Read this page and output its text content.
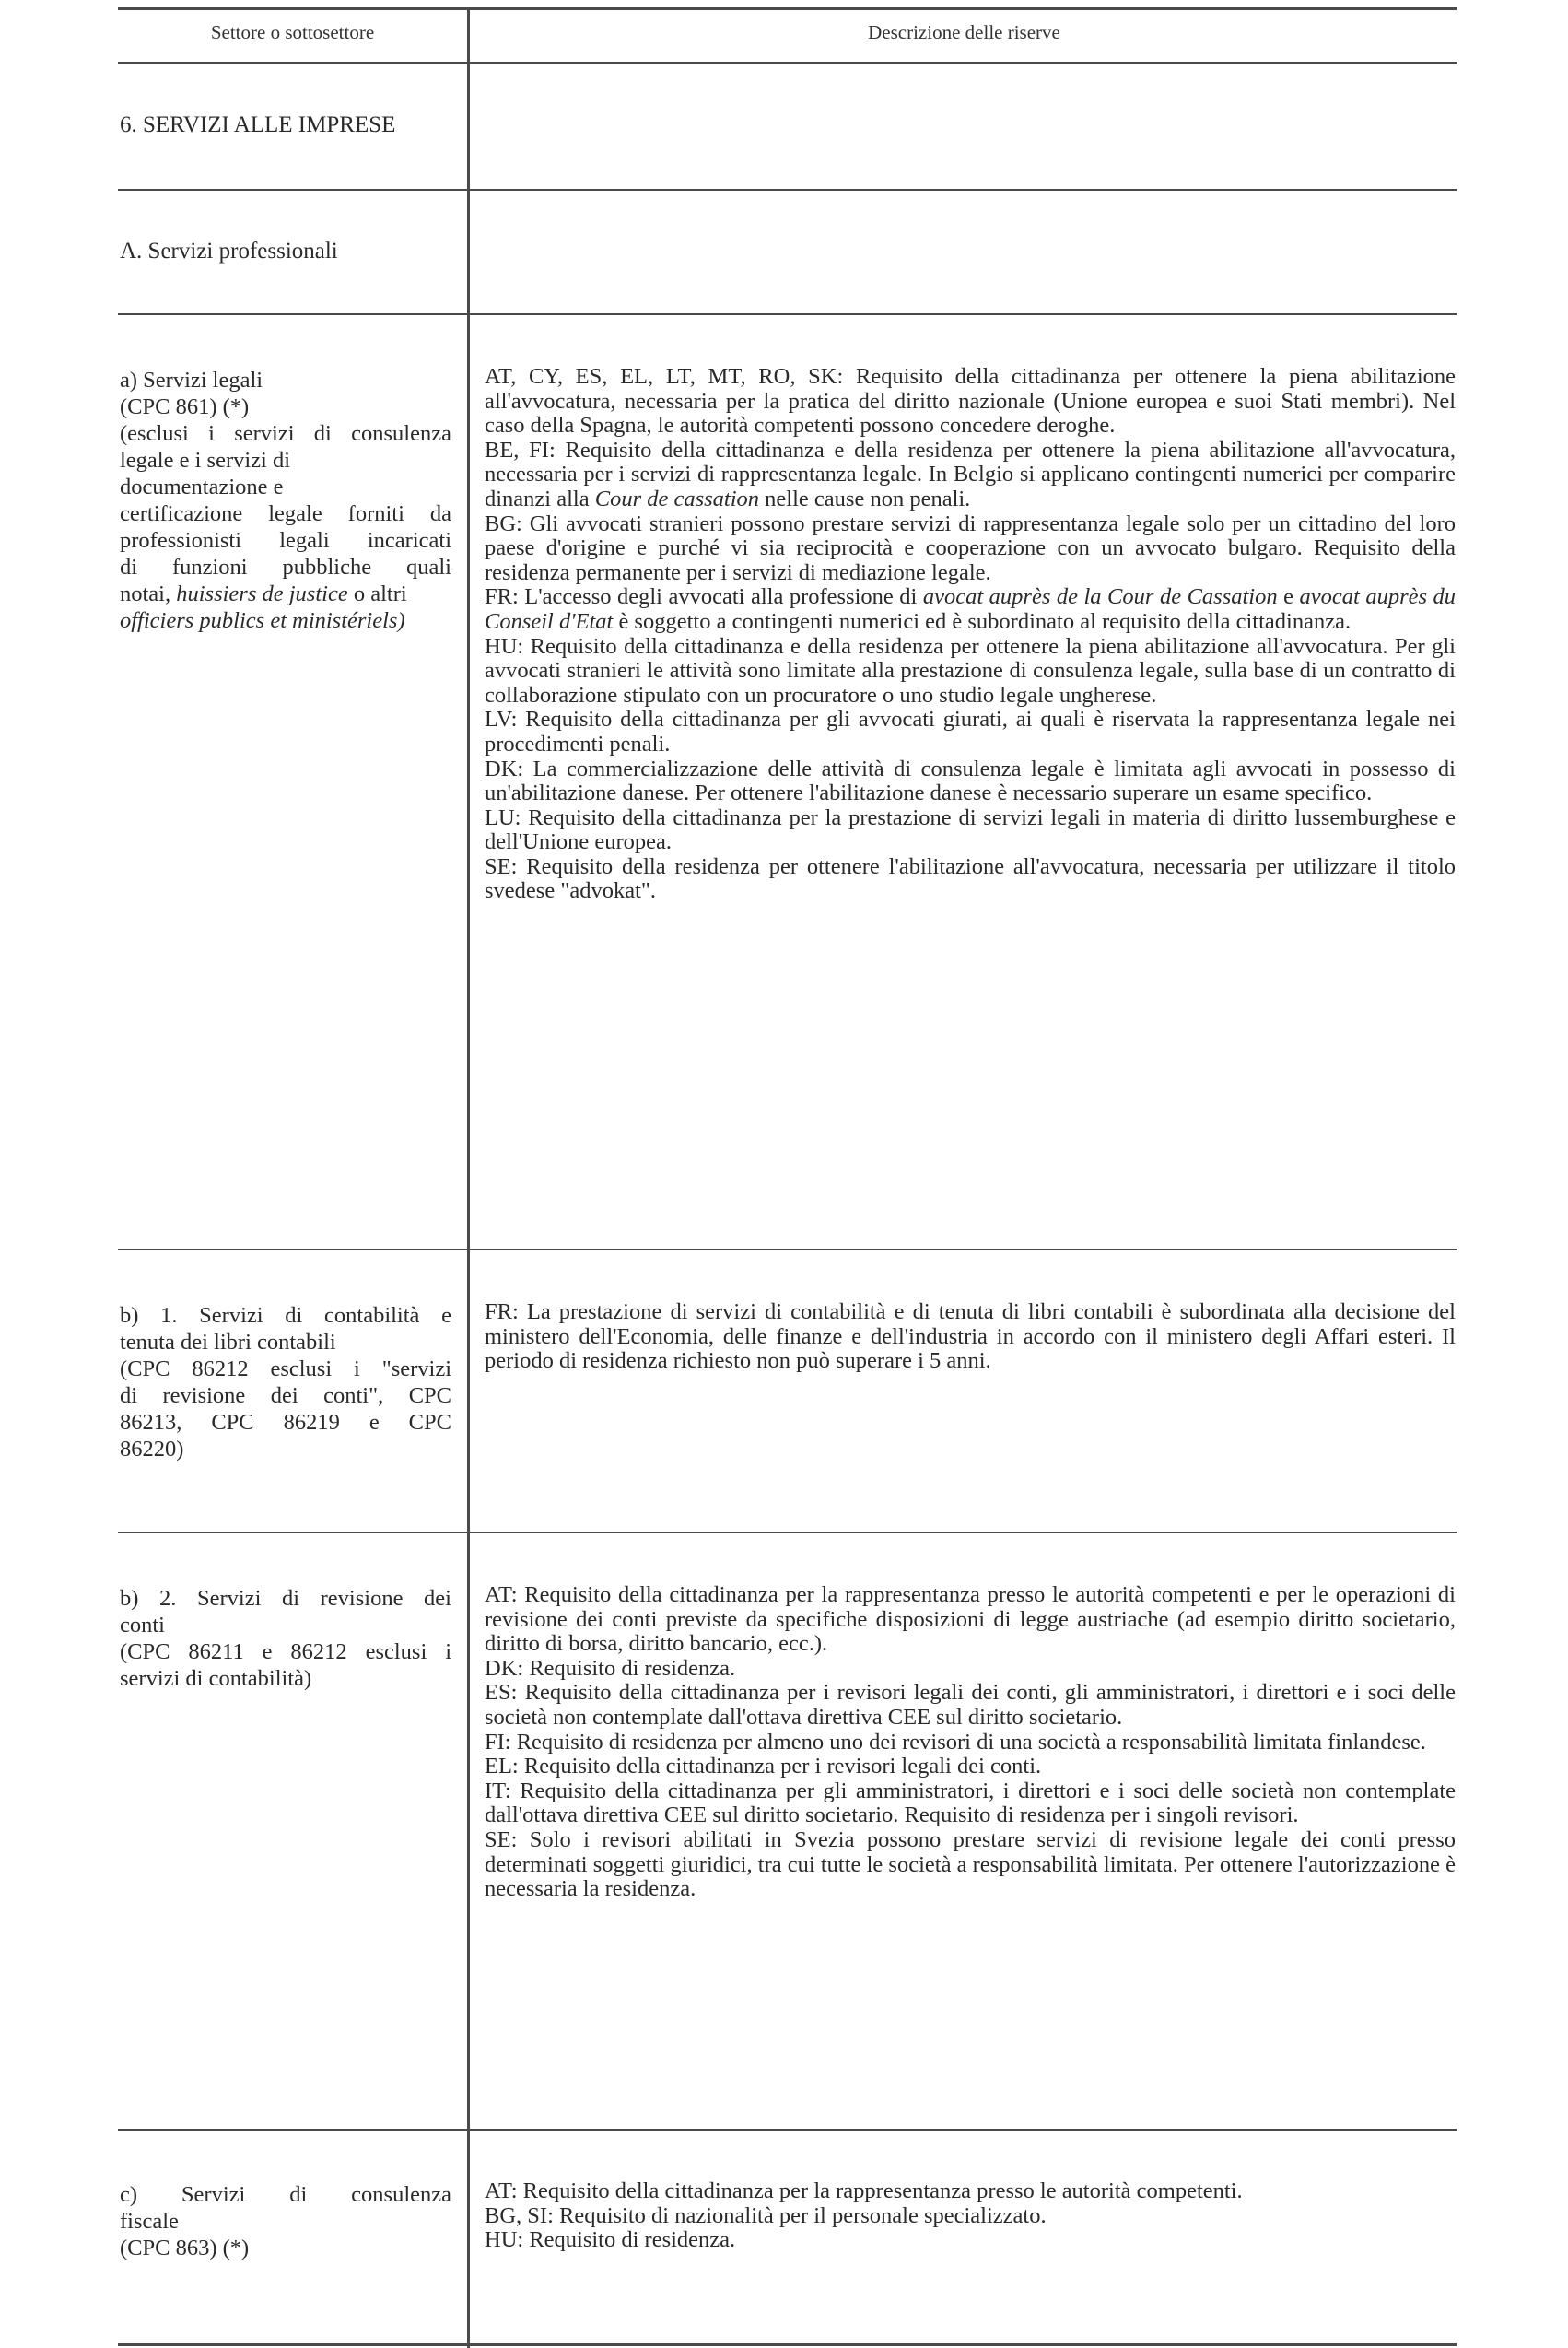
Settore o sottosettore	Descrizione delle riserve
6. SERVIZI ALLE IMPRESE
A. Servizi professionali
a) Servizi legali
(CPC 861) (*)
(esclusi i servizi di consulenza
legale e i servizi di
documentazione e
certificazione legale forniti da
professionisti legali incaricati
di funzioni pubbliche quali
notai, huissiers de justice o altri
officiers publics et ministériels)

AT, CY, ES, EL, LT, MT, RO, SK: Requisito della cittadinanza per ottenere la piena abilitazione all'avvocatura, necessaria per la pratica del diritto nazionale (Unione europea e suoi Stati membri). Nel caso della Spagna, le autorità competenti possono concedere deroghe.

BE, FI: Requisito della cittadinanza e della residenza per ottenere la piena abilitazione all'avvocatura, necessaria per i servizi di rappresentanza legale. In Belgio si applicano contingenti numerici per comparire dinanzi alla Cour de cassation nelle cause non penali.

BG: Gli avvocati stranieri possono prestare servizi di rappresentanza legale solo per un cittadino del loro paese d'origine e purché vi sia reciprocità e cooperazione con un avvocato bulgaro. Requisito della residenza permanente per i servizi di mediazione legale.

FR: L'accesso degli avvocati alla professione di avocat auprès de la Cour de Cassation e avocat auprès du Conseil d'Etat è soggetto a contingenti numerici ed è subordinato al requisito della cittadinanza.

HU: Requisito della cittadinanza e della residenza per ottenere la piena abilitazione all'avvocatura. Per gli avvocati stranieri le attività sono limitate alla prestazione di consulenza legale, sulla base di un contratto di collaborazione stipulato con un procuratore o uno studio legale ungherese.

LV: Requisito della cittadinanza per gli avvocati giurati, ai quali è riservata la rappresentanza legale nei procedimenti penali.

DK: La commercializzazione delle attività di consulenza legale è limitata agli avvocati in possesso di un'abilitazione danese. Per ottenere l'abilitazione danese è necessario superare un esame specifico.

LU: Requisito della cittadinanza per la prestazione di servizi legali in materia di diritto lussemburghese e dell'Unione europea.

SE: Requisito della residenza per ottenere l'abilitazione all'avvocatura, necessaria per utilizzare il titolo svedese "advokat".

b) 1. Servizi di contabilità e
tenuta dei libri contabili
(CPC 86212 esclusi i "servizi
di revisione dei conti", CPC
86213, CPC 86219 e CPC
86220)

FR: La prestazione di servizi di contabilità e di tenuta di libri contabili è subordinata alla decisione del ministero dell'Economia, delle finanze e dell'industria in accordo con il ministero degli Affari esteri. Il periodo di residenza richiesto non può superare i 5 anni.

b) 2. Servizi di revisione dei
conti
(CPC 86211 e 86212 esclusi i
servizi di contabilità)

AT: Requisito della cittadinanza per la rappresentanza presso le autorità competenti e per le operazioni di revisione dei conti previste da specifiche disposizioni di legge austriache (ad esempio diritto societario, diritto di borsa, diritto bancario, ecc.).

DK: Requisito di residenza.

ES: Requisito della cittadinanza per i revisori legali dei conti, gli amministratori, i direttori e i soci delle società non contemplate dall'ottava direttiva CEE sul diritto societario.

FI: Requisito di residenza per almeno uno dei revisori di una società a responsabilità limitata finlandese.

EL: Requisito della cittadinanza per i revisori legali dei conti.

IT: Requisito della cittadinanza per gli amministratori, i direttori e i soci delle società non contemplate dall'ottava direttiva CEE sul diritto societario. Requisito di residenza per i singoli revisori.

SE: Solo i revisori abilitati in Svezia possono prestare servizi di revisione legale dei conti presso determinati soggetti giuridici, tra cui tutte le società a responsabilità limitata. Per ottenere l'autorizzazione è necessaria la residenza.

c) Servizi di consulenza
fiscale
(CPC 863) (*)

AT: Requisito della cittadinanza per la rappresentanza presso le autorità competenti.

BG, SI: Requisito di nazionalità per il personale specializzato.

HU: Requisito di residenza.
